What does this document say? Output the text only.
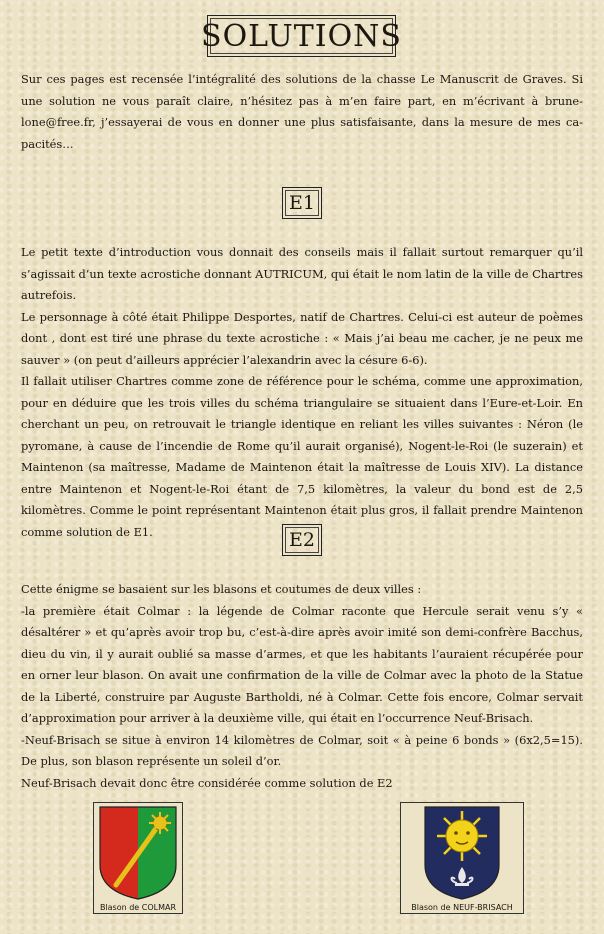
SOLUTIONS
Sur ces pages est recensée l’intégralité des solutions de la chasse Le Manuscrit de Graves. Si une solution ne vous paraît claire, n’hésitez pas à m’en faire part, en m’écrivant à brune-lone@free.fr, j’essayerai de vous en donner une plus satisfaisante, dans la mesure de mes ca-pacités…
E1
Le petit texte d’introduction vous donnait des conseils mais il fallait surtout remarquer qu’il s’agissait d’un texte acrostiche donnant AUTRICUM, qui était le nom latin de la ville de Chartres autrefois.
Le personnage à côté était Philippe Desportes, natif de Chartres. Celui-ci est auteur de poèmes dont , dont est tiré une phrase du texte acrostiche : « Mais j’ai beau me cacher, je ne peux me sauver » (on peut d’ailleurs apprécier l’alexandrin avec la césure 6-6).
Il fallait utiliser Chartres comme zone de référence pour le schéma, comme une approximation, pour en déduire que les trois villes du schéma triangulaire se situaient dans l’Eure-et-Loir. En cherchant un peu, on retrouvait le triangle identique en reliant les villes suivantes : Néron (le pyromane, à cause de l’incendie de Rome qu’il aurait organisé), Nogent-le-Roi (le suzerain) et Maintenon (sa maîtresse, Madame de Maintenon était la maîtresse de Louis XIV). La distance entre Maintenon et Nogent-le-Roi étant de 7,5 kilomètres, la valeur du bond est de 2,5 kilomètres. Comme le point représentant Maintenon était plus gros, il fallait prendre Maintenon comme solution de E1.	E2
Cette énigme se basaient sur les blasons et coutumes de deux villes :
-la première était Colmar : la légende de Colmar raconte que Hercule serait venu s’y « désaltérer » et qu’après avoir trop bu, c’est-à-dire après avoir imité son demi-confrère Bacchus, dieu du vin, il y aurait oublié sa masse d’armes, et que les habitants l’auraient récupérée pour en orner leur blason. On avait une confirmation de la ville de Colmar avec la photo de la Statue de la Liberté, construire par Auguste Bartholdi, né à Colmar. Cette fois encore, Colmar servait d’approximation pour arriver à la deuxième ville, qui était en l’occurrence Neuf-Brisach.
-Neuf-Brisach se situe à environ 14 kilomètres de Colmar, soit « à peine 6 bonds » (6x2,5=15). De plus, son blason représente un soleil d’or.
Neuf-Brisach devait donc être considérée comme solution de E2
Blason de COLMAR	Blason de NEUF-BRISACH
